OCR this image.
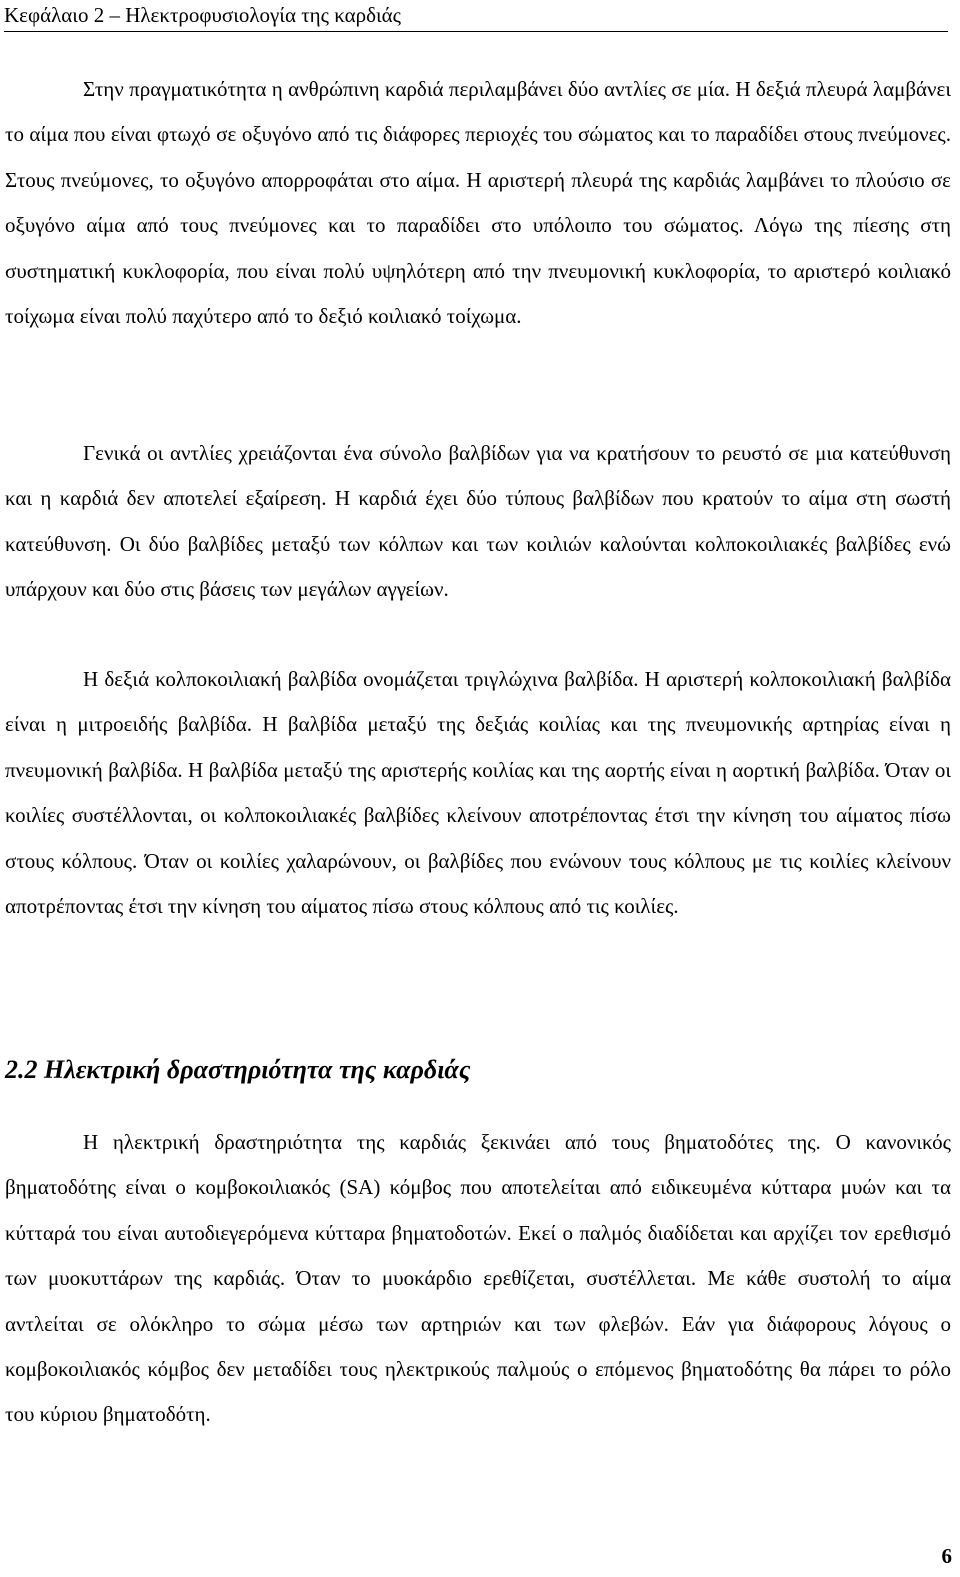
Κεφάλαιο 2 – Ηλεκτροφυσιολογία της καρδιάς

Στην πραγματικότητα η ανθρώπινη καρδιά περιλαμβάνει δύο αντλίες σε μία. Η δεξιά πλευρά λαμβάνει το αίμα που είναι φτωχό σε οξυγόνο από τις διάφορες περιοχές του σώματος και το παραδίδει στους πνεύμονες. Στους πνεύμονες, το οξυγόνο απορροφάται στο αίμα. Η αριστερή πλευρά της καρδιάς λαμβάνει το πλούσιο σε οξυγόνο αίμα από τους πνεύμονες και το παραδίδει στο υπόλοιπο του σώματος. Λόγω της πίεσης στη συστηματική κυκλοφορία, που είναι πολύ υψηλότερη από την πνευμονική κυκλοφορία, το αριστερό κοιλιακό τοίχωμα είναι πολύ παχύτερο από το δεξιό κοιλιακό τοίχωμα.

Γενικά οι αντλίες χρειάζονται ένα σύνολο βαλβίδων για να κρατήσουν το ρευστό σε μια κατεύθυνση και η καρδιά δεν αποτελεί εξαίρεση. Η καρδιά έχει δύο τύπους βαλβίδων που κρατούν το αίμα στη σωστή κατεύθυνση. Οι δύο βαλβίδες μεταξύ των κόλπων και των κοιλιών καλούνται κολποκοιλιακές βαλβίδες ενώ υπάρχουν και δύο στις βάσεις των μεγάλων αγγείων.

Η δεξιά κολποκοιλιακή βαλβίδα ονομάζεται τριγλώχινα βαλβίδα. Η αριστερή κολποκοιλιακή βαλβίδα είναι η μιτροειδής βαλβίδα. Η βαλβίδα μεταξύ της δεξιάς κοιλίας και της πνευμονικής αρτηρίας είναι η πνευμονική βαλβίδα. Η βαλβίδα μεταξύ της αριστερής κοιλίας και της αορτής είναι η αορτική βαλβίδα. Όταν οι κοιλίες συστέλλονται, οι κολποκοιλιακές βαλβίδες κλείνουν αποτρέποντας έτσι την κίνηση του αίματος πίσω στους κόλπους. Όταν οι κοιλίες χαλαρώνουν, οι βαλβίδες που ενώνουν τους κόλπους με τις κοιλίες κλείνουν αποτρέποντας έτσι την κίνηση του αίματος πίσω στους κόλπους από τις κοιλίες.

2.2 Ηλεκτρική δραστηριότητα της καρδιάς

Η ηλεκτρική δραστηριότητα της καρδιάς ξεκινάει από τους βηματοδότες της. Ο κανονικός βηματοδότης είναι ο κομβοκοιλιακός (SA) κόμβος που αποτελείται από ειδικευμένα κύτταρα μυών και τα κύτταρά του είναι αυτοδιεγερόμενα κύτταρα βηματοδοτών. Εκεί ο παλμός διαδίδεται και αρχίζει τον ερεθισμό των μυοκυττάρων της καρδιάς. Όταν το μυοκάρδιο ερεθίζεται, συστέλλεται. Με κάθε συστολή το αίμα αντλείται σε ολόκληρο το σώμα μέσω των αρτηριών και των φλεβών. Εάν για διάφορους λόγους ο κομβοκοιλιακός κόμβος δεν μεταδίδει τους ηλεκτρικούς παλμούς ο επόμενος βηματοδότης θα πάρει το ρόλο του κύριου βηματοδότη.

6
